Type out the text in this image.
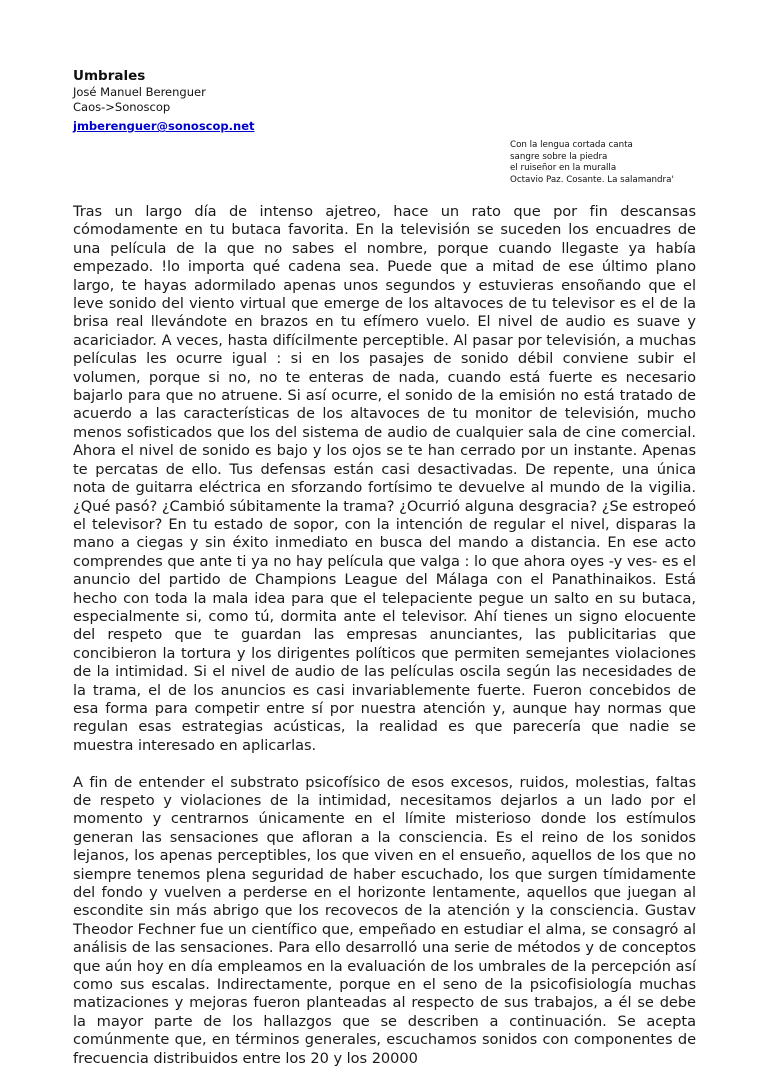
Umbrales
José Manuel Berenguer
Caos->Sonoscop
jmberenguer@sonoscop.net
Con la lengua cortada canta
sangre sobre la piedra
el ruiseñor en la muralla
Octavio Paz. Cosante. La salamandra'

Tras un largo día de intenso ajetreo, hace un rato que por fin descansas cómodamente en tu butaca favorita. En la televisión se suceden los encuadres de una película de la que no sabes el nombre, porque cuando llegaste ya había empezado. !lo importa qué cadena sea. Puede que a mitad de ese último plano largo, te hayas adormilado apenas unos segundos y estuvieras ensoñando que el leve sonido del viento virtual que emerge de los altavoces de tu televisor es el de la brisa real llevándote en brazos en tu efímero vuelo. El nivel de audio es suave y acariciador. A veces, hasta difícilmente perceptible. Al pasar por televisión, a muchas películas les ocurre igual : si en los pasajes de sonido débil conviene subir el volumen, porque si no, no te enteras de nada, cuando está fuerte es necesario bajarlo para que no atruene. Si así ocurre, el sonido de la emisión no está tratado de acuerdo a las características de los altavoces de tu monitor de televisión, mucho menos sofisticados que los del sistema de audio de cualquier sala de cine comercial. Ahora el nivel de sonido es bajo y los ojos se te han cerrado por un instante. Apenas te percatas de ello. Tus defensas están casi desactivadas. De repente, una única nota de guitarra eléctrica en sforzando fortísimo te devuelve al mundo de la vigilia. ¿Qué pasó? ¿Cambió súbitamente la trama? ¿Ocurrió alguna desgracia? ¿Se estropeó el televisor? En tu estado de sopor, con la intención de regular el nivel, disparas la mano a ciegas y sin éxito inmediato en busca del mando a distancia. En ese acto comprendes que ante ti ya no hay película que valga : lo que ahora oyes -y ves- es el anuncio del partido de Champions League del Málaga con el Panathinaikos. Está hecho con toda la mala idea para que el telepaciente pegue un salto en su butaca, especialmente si, como tú, dormita ante el televisor. Ahí tienes un signo elocuente del respeto que te guardan las empresas anunciantes, las publicitarias que concibieron la tortura y los dirigentes políticos que permiten semejantes violaciones de la intimidad. Si el nivel de audio de las películas oscila según las necesidades de la trama, el de los anuncios es casi invariablemente fuerte. Fueron concebidos de esa forma para competir entre sí por nuestra atención y, aunque hay normas que regulan esas estrategias acústicas, la realidad es que parecería que nadie se muestra interesado en aplicarlas.

A fin de entender el substrato psicofísico de esos excesos, ruidos, molestias, faltas de respeto y violaciones de la intimidad, necesitamos dejarlos a un lado por el momento y centrarnos únicamente en el límite misterioso donde los estímulos generan las sensaciones que afloran a la consciencia. Es el reino de los sonidos lejanos, los apenas perceptibles, los que viven en el ensueño, aquellos de los que no siempre tenemos plena seguridad de haber escuchado, los que surgen tímidamente del fondo y vuelven a perderse en el horizonte lentamente, aquellos que juegan al escondite sin más abrigo que los recovecos de la atención y la consciencia. Gustav Theodor Fechner fue un científico que, empeñado en estudiar el alma, se consagró al análisis de las sensaciones. Para ello desarrolló una serie de métodos y de conceptos que aún hoy en día empleamos en la evaluación de los umbrales de la percepción así como sus escalas. Indirectamente, porque en el seno de la psicofisiología muchas matizaciones y mejoras fueron planteadas al respecto de sus trabajos, a él se debe la mayor parte de los hallazgos que se describen a continuación. Se acepta comúnmente que, en términos generales, escuchamos sonidos con componentes de frecuencia distribuidos entre los 20 y los 20000
